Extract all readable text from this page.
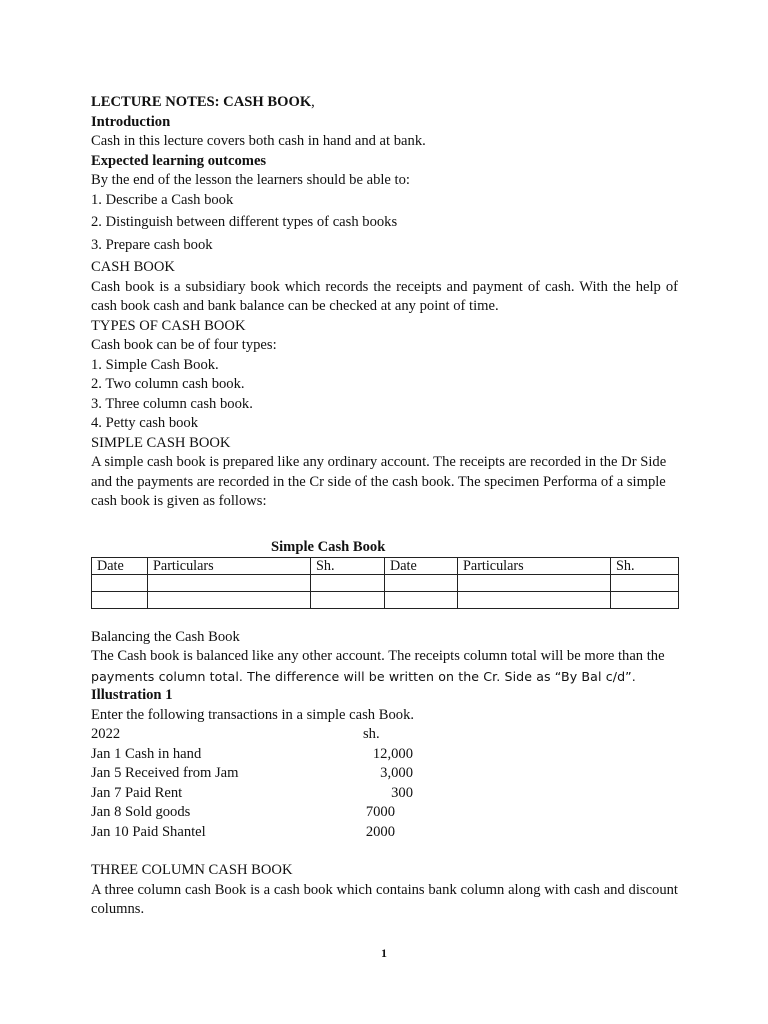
LECTURE NOTES: CASH BOOK,
Introduction
Cash in this lecture covers both cash in hand and at bank.
Expected learning outcomes
By the end of the lesson the learners should be able to:
1. Describe a Cash book
2. Distinguish between different types of cash books
3. Prepare cash book
CASH BOOK
Cash book is a subsidiary book which records the receipts and payment of cash. With the help of cash book cash and bank balance can be checked at any point of time.
TYPES OF CASH BOOK
Cash book can be of four types:
1. Simple Cash Book.
2. Two column cash book.
3. Three column cash book.
4. Petty cash book
SIMPLE CASH BOOK
A simple cash book is prepared like any ordinary account. The receipts are recorded in the Dr Side and the payments are recorded in the Cr side of the cash book. The specimen Performa of a simple cash book is given as follows:
Simple Cash Book
Date	Particulars	Sh.	Date	Particulars	Sh.

Balancing the Cash Book
The Cash book is balanced like any other account. The receipts column total will be more than the
payments column total. The difference will be written on the Cr. Side as “By Bal c/d”.
Illustration 1
Enter the following transactions in a simple cash Book.
2022	sh.
Jan 1 Cash in hand	12,000
Jan 5 Received from Jam	3,000
Jan 7 Paid Rent	300
Jan 8 Sold goods	7000
Jan 10 Paid Shantel	2000
THREE COLUMN CASH BOOK
A three column cash Book is a cash book which contains bank column along with cash and discount columns.
1
